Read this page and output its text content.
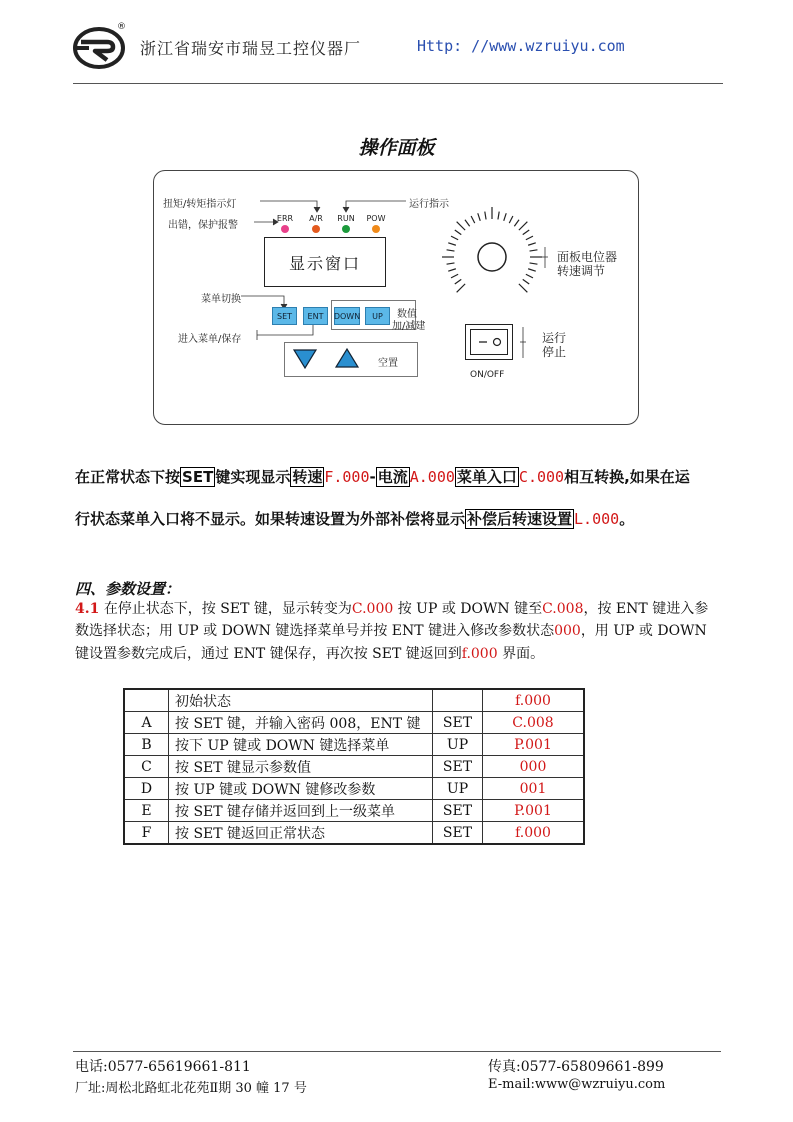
®
浙江省瑞安市瑞昱工控仪器厂	Http: //www.wzruiyu.com
操作面板
扭矩/转矩指示灯
出错，保护报警
运行指示
ERR	A/R	RUN	POW
显示窗口
菜单切换
进入菜单/保存
SET	ENT	DOWN	UP	数值
加/减建
空置
面板电位器
转速调节
ON/OFF
运行
停止
在正常状态下按 SET 键实现显示 转速 F.000- 电流 A.000 菜单入口 C.000相互转换,如果在运
行状态菜单入口将不显示。如果转速设置为外部补偿将显示 补偿后转速设置 L.000。
四、参数设置：
4.1 在停止状态下，按 SET 键，显示转变为C.000 按 UP 或 DOWN 键至C.008，按 ENT 键进入参
数选择状态；用 UP 或 DOWN 键选择菜单号并按 ENT 键进入修改参数状态000，用 UP 或 DOWN
键设置参数完成后，通过 ENT 键保存，再次按 SET 键返回到f.000 界面。
	初始状态		f.000
A	按 SET 键，并输入密码 008，ENT 键	SET	C.008
B	按下 UP 键或 DOWN 键选择菜单	UP	P.001
C	按 SET 键显示参数值	SET	000
D	按 UP 键或 DOWN 键修改参数	UP	001
E	按 SET 键存储并返回到上一级菜单	SET	P.001
F	按 SET 键返回正常状态	SET	f.000
电话:0577-65619661-811	传真:0577-65809661-899
厂址:周松北路虹北花苑Ⅱ期 30 幢 17 号	E-mail:www@wzruiyu.com
